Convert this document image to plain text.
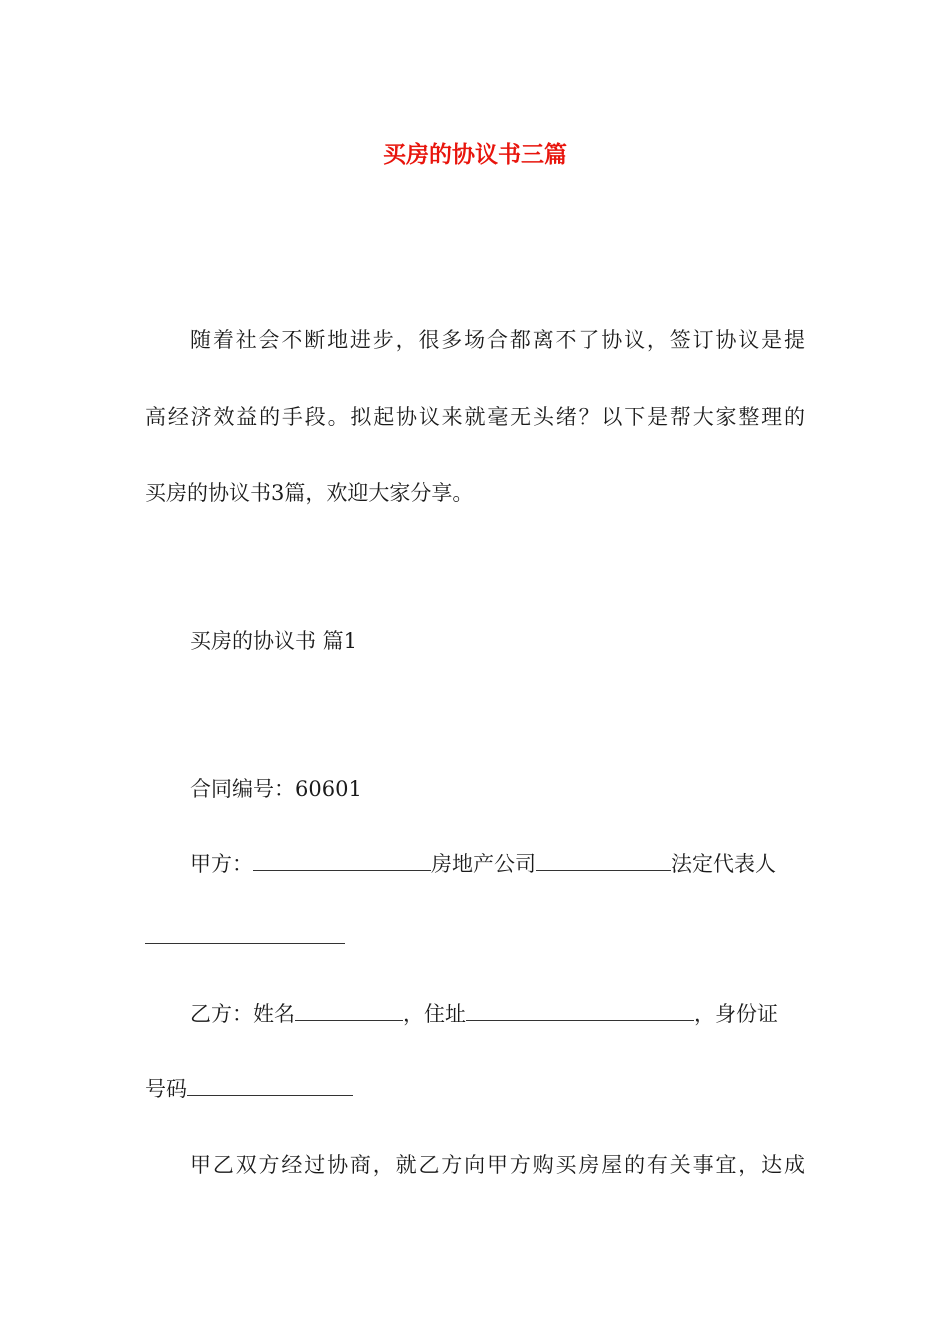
买房的协议书三篇
随着社会不断地进步，很多场合都离不了协议，签订协议是提
高经济效益的手段。拟起协议来就毫无头绪？以下是帮大家整理的
买房的协议书3篇，欢迎大家分享。
买房的协议书 篇1
合同编号：60601
甲方：	房地产公司	法定代表人
乙方：姓名	，住址	，身份证
号码
甲乙双方经过协商，就乙方向甲方购买房屋的有关事宜，达成
